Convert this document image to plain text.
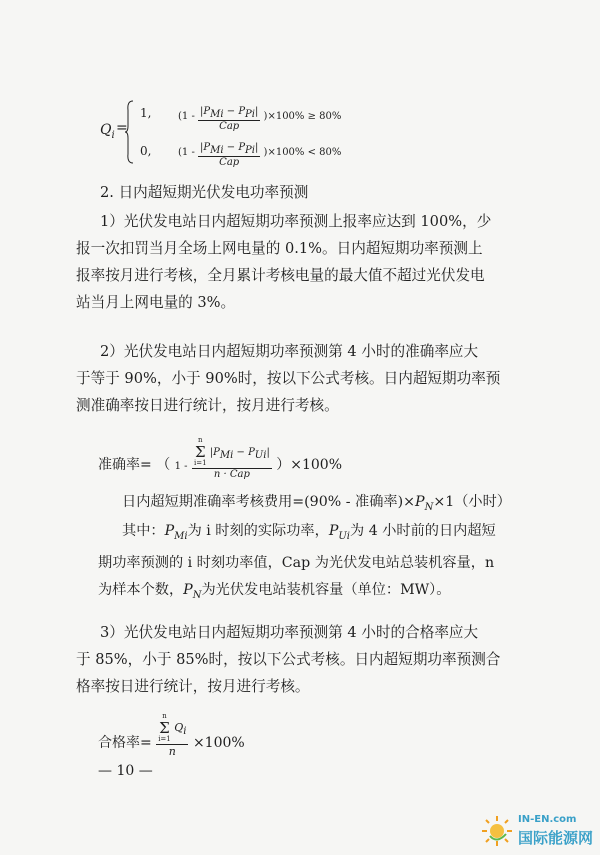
$Q_i$ =
1,	$(1 - \frac{|P_{Mi} - P_{Pi}|}{\text{Cap}} )\times 100\% \ge 80\%$
0,	$(1 - \frac{|P_{Mi} - P_{Pi}|}{\text{Cap}} )\times 100\% < 80\%$
2. 日内超短期光伏发电功率预测
1）光伏发电站日内超短期功率预测上报率应达到 100%，少
报一次扣罚当月全场上网电量的 0.1%。日内超短期功率预测上
报率按月进行考核，全月累计考核电量的最大值不超过光伏发电
站当月上网电量的 3%。
2）光伏发电站日内超短期功率预测第 4 小时的准确率应大
于等于 90%，小于 90%时，按以下公式考核。日内超短期功率预
测准确率按日进行统计，按月进行考核。
准确率= （ 1 - n
Σ
i=1
$|P_{Mi} - P_{Ui}|$
n · Cap ）×100%
日内超短期准确率考核费用=(90% - 准确率)$\times P_N\times 1$（小时）
其中：$P_{Mi}$为 i 时刻的实际功率，$P_{Ui}$为 4 小时前的日内超短
期功率预测的 i 时刻功率值，Cap 为光伏发电站总装机容量，n
为样本个数，$P_N$为光伏发电站装机容量（单位：MW）。
3）光伏发电站日内超短期功率预测第 4 小时的合格率应大
于 85%，小于 85%时，按以下公式考核。日内超短期功率预测合
格率按日进行统计，按月进行考核。
合格率= n
Σ
i=1
$Q_i$
n ×100%
— 10 —
IN-EN.com
国际能源网
